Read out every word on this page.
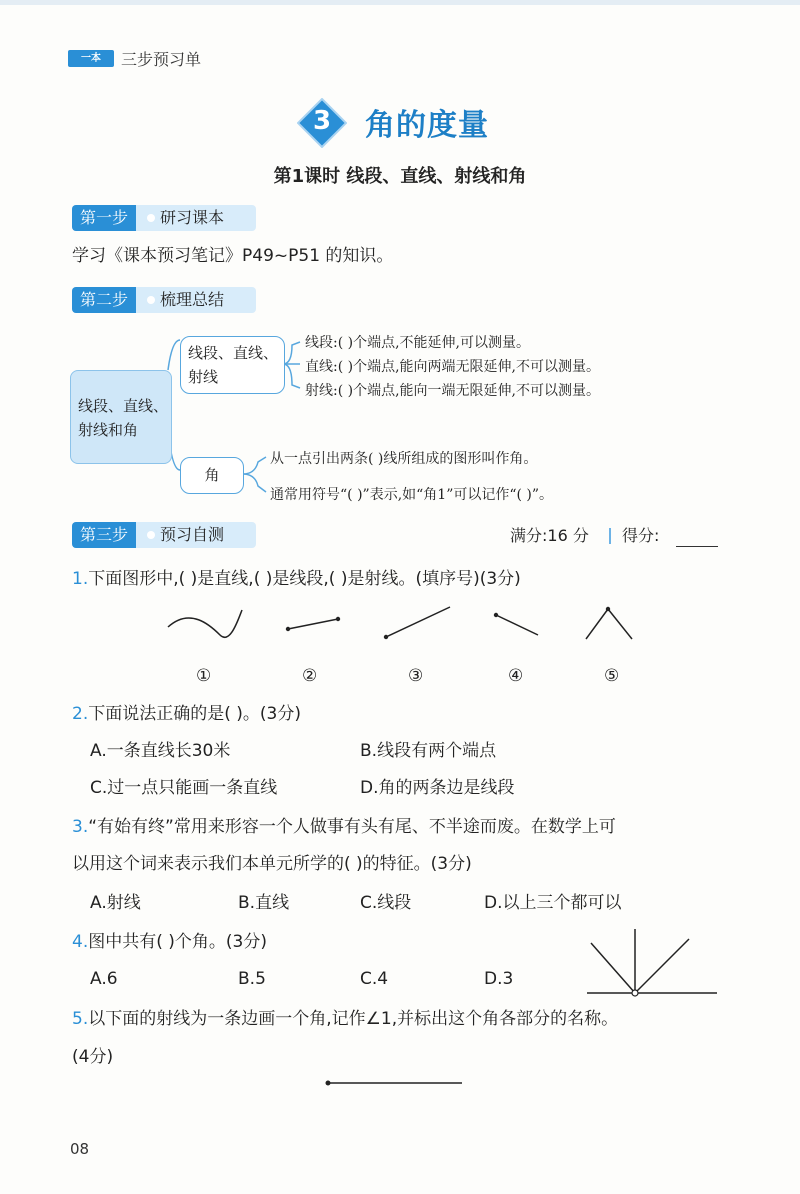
一本	三步预习单
3	角的度量
第1课时 线段、直线、射线和角
第一步	研习课本
学习《课本预习笔记》P49~P51 的知识。
第二步	梳理总结
线段、直线、
射线和角
线段、直线、
射线
角
线段:( )个端点,不能延伸,可以测量。
直线:( )个端点,能向两端无限延伸,不可以测量。
射线:( )个端点,能向一端无限延伸,不可以测量。
从一点引出两条( )线所组成的图形叫作角。
通常用符号“( )”表示,如“角1”可以记作“( )”。
第三步	预习自测	满分:16 分 得分:
1.下面图形中,( )是直线,( )是线段,( )是射线。(填序号)(3分)
①	②	③	④	⑤
2.下面说法正确的是( )。(3分)
A.一条直线长30米	B.线段有两个端点
C.过一点只能画一条直线	D.角的两条边是线段
3.“有始有终”常用来形容一个人做事有头有尾、不半途而废。在数学上可
以用这个词来表示我们本单元所学的( )的特征。(3分)
A.射线	B.直线	C.线段	D.以上三个都可以
4.图中共有( )个角。(3分)
A.6	B.5	C.4	D.3
5.以下面的射线为一条边画一个角,记作∠1,并标出这个角各部分的名称。
(4分)
08
